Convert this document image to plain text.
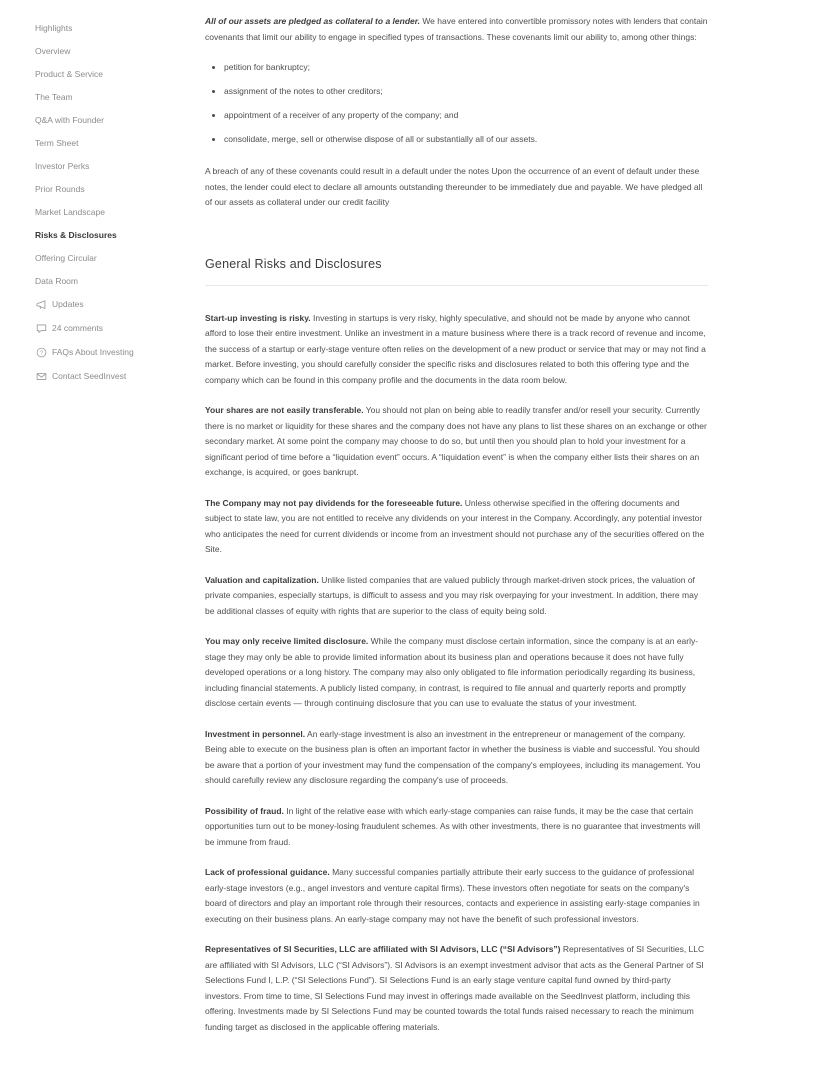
Highlights
Overview
Product & Service
The Team
Q&A with Founder
Term Sheet
Investor Perks
Prior Rounds
Market Landscape
Risks & Disclosures
Offering Circular
Data Room
Updates
24 comments
? FAQs About Investing
Contact SeedInvest

All of our assets are pledged as collateral to a lender. We have entered into convertible promissory notes with lenders that contain covenants that limit our ability to engage in specified types of transactions. These covenants limit our ability to, among other things:

• petition for bankruptcy;
• assignment of the notes to other creditors;
• appointment of a receiver of any property of the company; and
• consolidate, merge, sell or otherwise dispose of all or substantially all of our assets.

A breach of any of these covenants could result in a default under the notes Upon the occurrence of an event of default under these notes, the lender could elect to declare all amounts outstanding thereunder to be immediately due and payable. We have pledged all of our assets as collateral under our credit facility

General Risks and Disclosures

Start-up investing is risky. Investing in startups is very risky, highly speculative, and should not be made by anyone who cannot afford to lose their entire investment. Unlike an investment in a mature business where there is a track record of revenue and income, the success of a startup or early-stage venture often relies on the development of a new product or service that may or may not find a market. Before investing, you should carefully consider the specific risks and disclosures related to both this offering type and the company which can be found in this company profile and the documents in the data room below.

Your shares are not easily transferable. You should not plan on being able to readily transfer and/or resell your security. Currently there is no market or liquidity for these shares and the company does not have any plans to list these shares on an exchange or other secondary market. At some point the company may choose to do so, but until then you should plan to hold your investment for a significant period of time before a “liquidation event” occurs. A “liquidation event” is when the company either lists their shares on an exchange, is acquired, or goes bankrupt.

The Company may not pay dividends for the foreseeable future. Unless otherwise specified in the offering documents and subject to state law, you are not entitled to receive any dividends on your interest in the Company. Accordingly, any potential investor who anticipates the need for current dividends or income from an investment should not purchase any of the securities offered on the Site.

Valuation and capitalization. Unlike listed companies that are valued publicly through market-driven stock prices, the valuation of private companies, especially startups, is difficult to assess and you may risk overpaying for your investment. In addition, there may be additional classes of equity with rights that are superior to the class of equity being sold.

You may only receive limited disclosure. While the company must disclose certain information, since the company is at an early-stage they may only be able to provide limited information about its business plan and operations because it does not have fully developed operations or a long history. The company may also only obligated to file information periodically regarding its business, including financial statements. A publicly listed company, in contrast, is required to file annual and quarterly reports and promptly disclose certain events — through continuing disclosure that you can use to evaluate the status of your investment.

Investment in personnel. An early-stage investment is also an investment in the entrepreneur or management of the company. Being able to execute on the business plan is often an important factor in whether the business is viable and successful. You should be aware that a portion of your investment may fund the compensation of the company's employees, including its management. You should carefully review any disclosure regarding the company's use of proceeds.

Possibility of fraud. In light of the relative ease with which early-stage companies can raise funds, it may be the case that certain opportunities turn out to be money-losing fraudulent schemes. As with other investments, there is no guarantee that investments will be immune from fraud.

Lack of professional guidance. Many successful companies partially attribute their early success to the guidance of professional early-stage investors (e.g., angel investors and venture capital firms). These investors often negotiate for seats on the company's board of directors and play an important role through their resources, contacts and experience in assisting early-stage companies in executing on their business plans. An early-stage company may not have the benefit of such professional investors.

Representatives of SI Securities, LLC are affiliated with SI Advisors, LLC (“SI Advisors”) Representatives of SI Securities, LLC are affiliated with SI Advisors, LLC (“SI Advisors”). SI Advisors is an exempt investment advisor that acts as the General Partner of SI Selections Fund I, L.P. (“SI Selections Fund”). SI Selections Fund is an early stage venture capital fund owned by third-party investors. From time to time, SI Selections Fund may invest in offerings made available on the SeedInvest platform, including this offering. Investments made by SI Selections Fund may be counted towards the total funds raised necessary to reach the minimum funding target as disclosed in the applicable offering materials.
